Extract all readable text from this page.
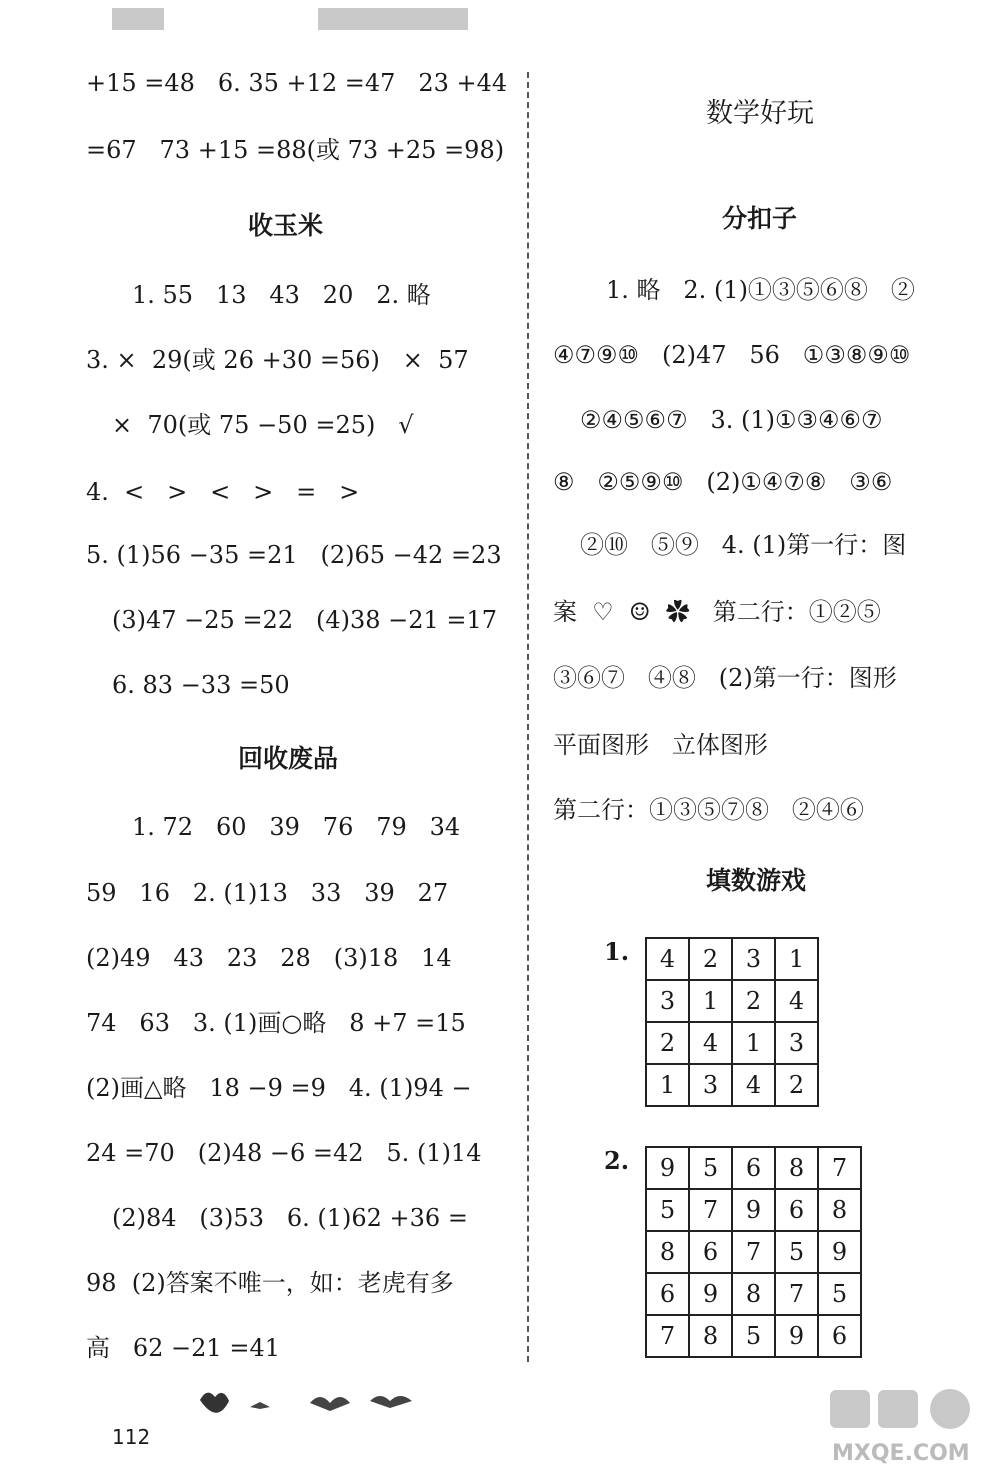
+15 =48   6. 35 +12 =47   23 +44
=67   73 +15 =88(或 73 +25 =98)
收玉米
1. 55   13   43   20   2. 略
3. ×  29(或 26 +30 =56)   ×  57
×  70(或 75 −50 =25)   √
4.  <   >   <   >   =   >
5. (1)56 −35 =21   (2)65 −42 =23
(3)47 −25 =22   (4)38 −21 =17
6. 83 −33 =50
回收废品
1. 72   60   39   76   79   34
59   16   2. (1)13   33   39   27
(2)49   43   23   28   (3)18   14
74   63   3. (1)画○略   8 +7 =15
(2)画△略   18 −9 =9   4. (1)94 −
24 =70   (2)48 −6 =42   5. (1)14
(2)84   (3)53   6. (1)62 +36 =
98  (2)答案不唯一，如：老虎有多
高   62 −21 =41
数学好玩
分扣子
1. 略   2. (1)①③⑤⑥⑧   ②
④⑦⑨⑩   (2)47   56   ①③⑧⑨⑩
②④⑤⑥⑦   3. (1)①③④⑥⑦
⑧   ②⑤⑨⑩   (2)①④⑦⑧   ③⑥
②⑩   ⑤⑨   4. (1)第一行：图
案  ♡  ☺  ✿   第二行：①②⑤
③⑥⑦   ④⑧   (2)第一行：图形
平面图形   立体图形
第二行：①③⑤⑦⑧   ②④⑥
填数游戏
1. 4	2	3	1
3	1	2	4
2	4	1	3
1	3	4	2
2. 9	5	6	8	7
5	7	9	6	8
8	6	7	5	9
6	9	8	7	5
7	8	5	9	6
112
MXQE.COM
